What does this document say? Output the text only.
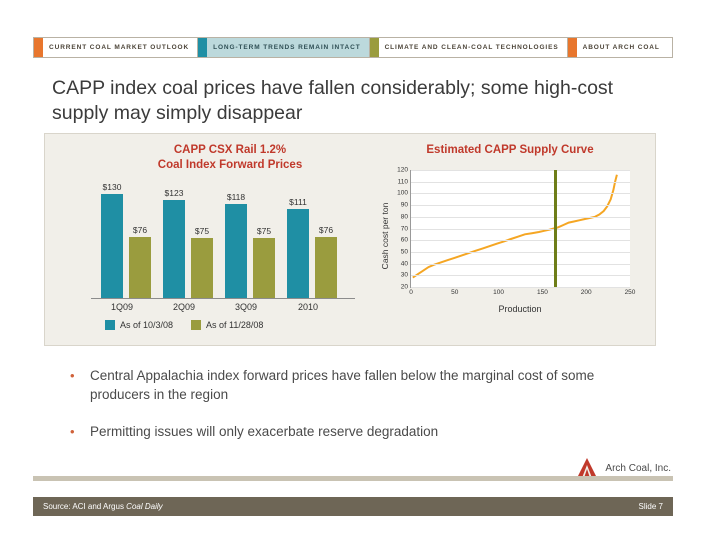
CURRENT COAL MARKET OUTLOOK	LONG-TERM TRENDS REMAIN INTACT	CLIMATE AND CLEAN-COAL TECHNOLOGIES	ABOUT ARCH COAL
CAPP index coal prices have fallen considerably; some high-cost supply may simply disappear
CAPP CSX Rail 1.2%
Coal Index Forward Prices
Estimated CAPP Supply Curve
$130
$76
$123
$75
$118
$75
$111
$76
1Q09	2Q09	3Q09	2010
As of 10/3/08	As of 11/28/08
Cash cost per ton
20
30
40
50
60
70
80
90
100
110
120
0	50	100	150	200	250
Production
•	Central Appalachia index forward prices have fallen below the marginal cost of some producers in the region
•	Permitting issues will only exacerbate reserve degradation
Arch Coal, Inc.
Source: ACI and Argus Coal Daily	Slide 7
